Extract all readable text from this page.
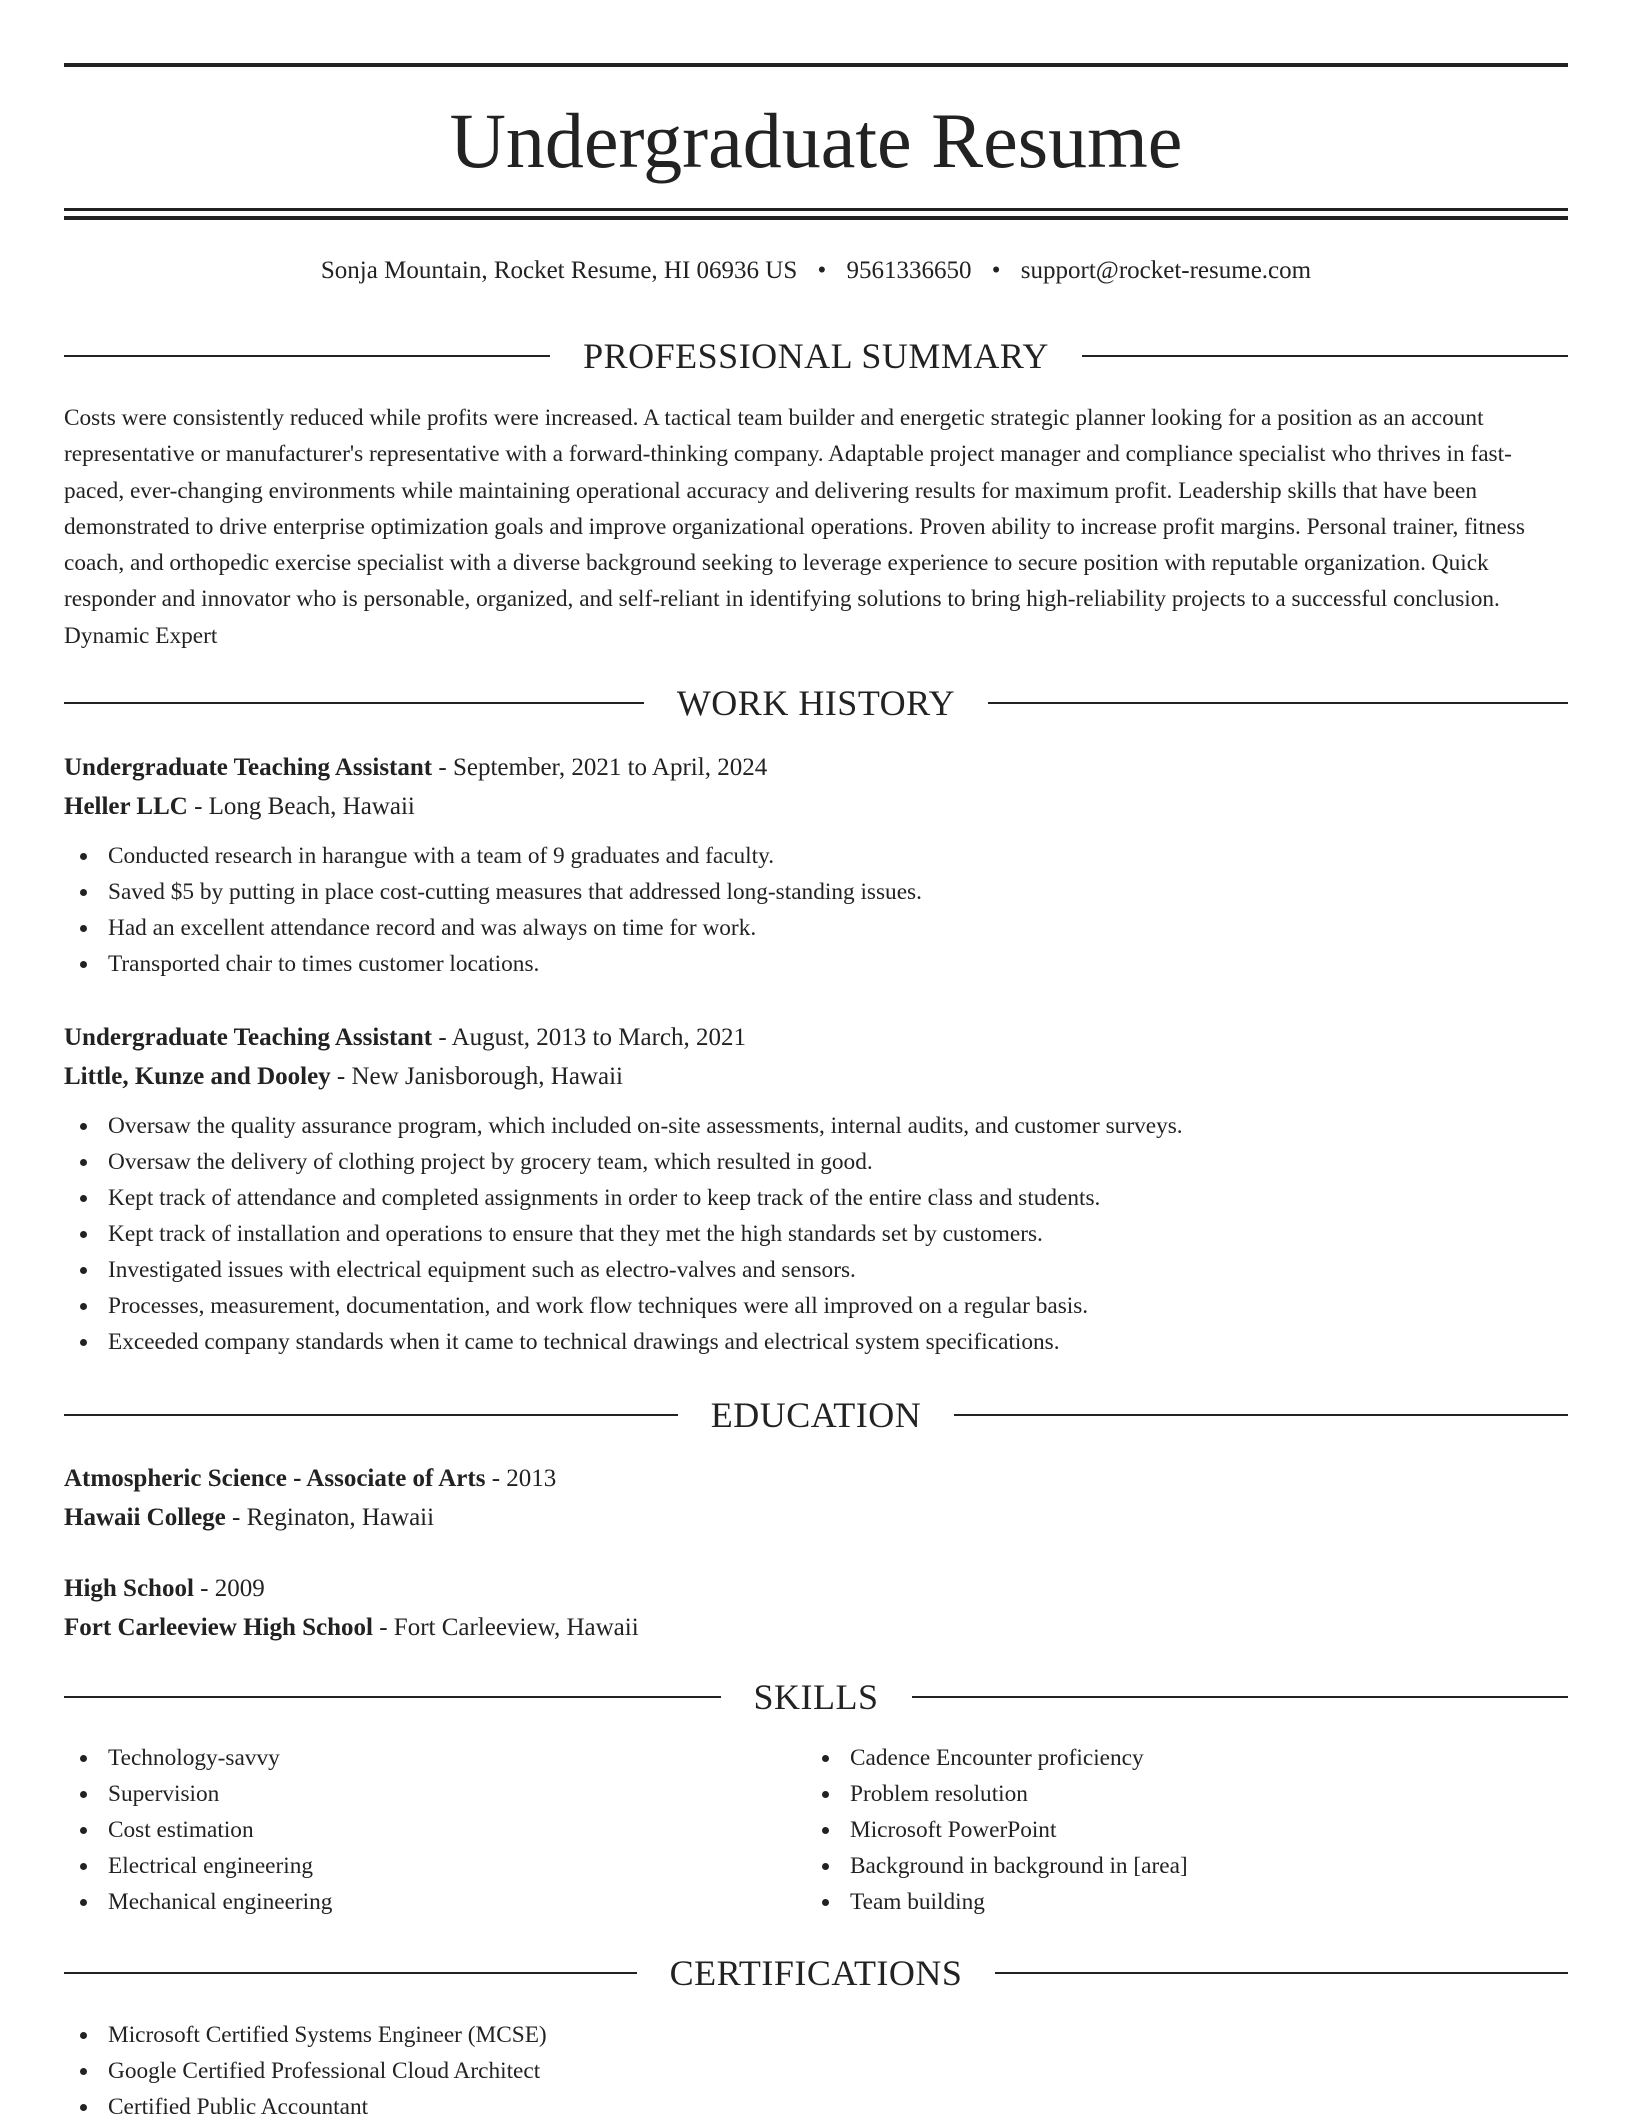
Undergraduate Resume
Sonja Mountain, Rocket Resume, HI 06936 US • 9561336650 • support@rocket-resume.com
PROFESSIONAL SUMMARY

Costs were consistently reduced while profits were increased. A tactical team builder and energetic strategic planner looking for a position as an account representative or manufacturer's representative with a forward-thinking company. Adaptable project manager and compliance specialist who thrives in fast-paced, ever-changing environments while maintaining operational accuracy and delivering results for maximum profit. Leadership skills that have been demonstrated to drive enterprise optimization goals and improve organizational operations. Proven ability to increase profit margins. Personal trainer, fitness coach, and orthopedic exercise specialist with a diverse background seeking to leverage experience to secure position with reputable organization. Quick responder and innovator who is personable, organized, and self-reliant in identifying solutions to bring high-reliability projects to a successful conclusion. Dynamic Expert

WORK HISTORY
Undergraduate Teaching Assistant - September, 2021 to April, 2024
Heller LLC - Long Beach, Hawaii
Conducted research in harangue with a team of 9 graduates and faculty.
Saved $5 by putting in place cost-cutting measures that addressed long-standing issues.
Had an excellent attendance record and was always on time for work.
Transported chair to times customer locations.
Undergraduate Teaching Assistant - August, 2013 to March, 2021
Little, Kunze and Dooley - New Janisborough, Hawaii
Oversaw the quality assurance program, which included on-site assessments, internal audits, and customer surveys.
Oversaw the delivery of clothing project by grocery team, which resulted in good.
Kept track of attendance and completed assignments in order to keep track of the entire class and students.
Kept track of installation and operations to ensure that they met the high standards set by customers.
Investigated issues with electrical equipment such as electro-valves and sensors.
Processes, measurement, documentation, and work flow techniques were all improved on a regular basis.
Exceeded company standards when it came to technical drawings and electrical system specifications.
EDUCATION
Atmospheric Science - Associate of Arts - 2013
Hawaii College - Reginaton, Hawaii
High School - 2009
Fort Carleeview High School - Fort Carleeview, Hawaii
SKILLS
Technology-savvy
Supervision
Cost estimation
Electrical engineering
Mechanical engineering
Cadence Encounter proficiency
Problem resolution
Microsoft PowerPoint
Background in background in [area]
Team building
CERTIFICATIONS
Microsoft Certified Systems Engineer (MCSE)
Google Certified Professional Cloud Architect
Certified Public Accountant
